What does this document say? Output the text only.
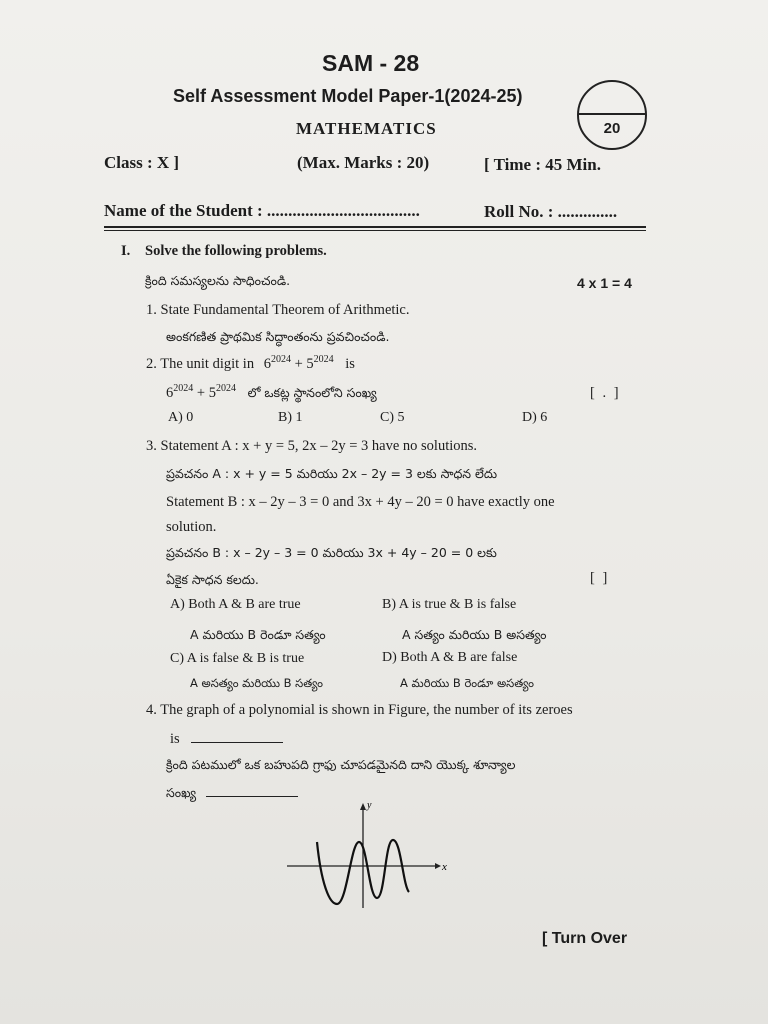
SAM - 28
Self Assessment Model Paper-1(2024-25)
MATHEMATICS	20
Class : X ]	(Max. Marks : 20)	[ Time : 45 Min.
Name of the Student : ....................................	Roll No. : ..............
I. Solve the following problems.
క్రింది సమస్యలను సాధించండి.	4 x 1 = 4
1. State Fundamental Theorem of Arithmetic.
అంకగణిత ప్రాథమిక సిద్ధాంతంను ప్రవచించండి.
2. The unit digit in $6^{2024} + 5^{2024}$ is
$6^{2024} + 5^{2024}$ లో ఒకట్ల స్థానంలోని సంఖ్య	[ . ]
A) 0	B) 1	C) 5	D) 6
3. Statement A : x + y = 5, 2x – 2y = 3 have no solutions.
ప్రవచనం A : x + y = 5 మరియు 2x – 2y = 3 లకు సాధన లేదు
Statement B : x – 2y – 3 = 0 and 3x + 4y – 20 = 0 have exactly one
solution.
ప్రవచనం B : x – 2y – 3 = 0 మరియు 3x + 4y – 20 = 0 లకు
ఏకైక సాధన కలదు.	[ ]
A) Both A & B are true	B) A is true & B is false
A మరియు B రెండూ సత్యం	A సత్యం మరియు B అసత్యం
C) A is false & B is true	D) Both A & B are false
A అసత్యం మరియు B సత్యం	A మరియు B రెండూ అసత్యం
4. The graph of a polynomial is shown in Figure, the number of its zeroes
is
క్రింది పటములో ఒక బహుపది గ్రాఫు చూపడమైనది దాని యొక్క శూన్యాల
సంఖ్య
x
y
[ Turn Over
